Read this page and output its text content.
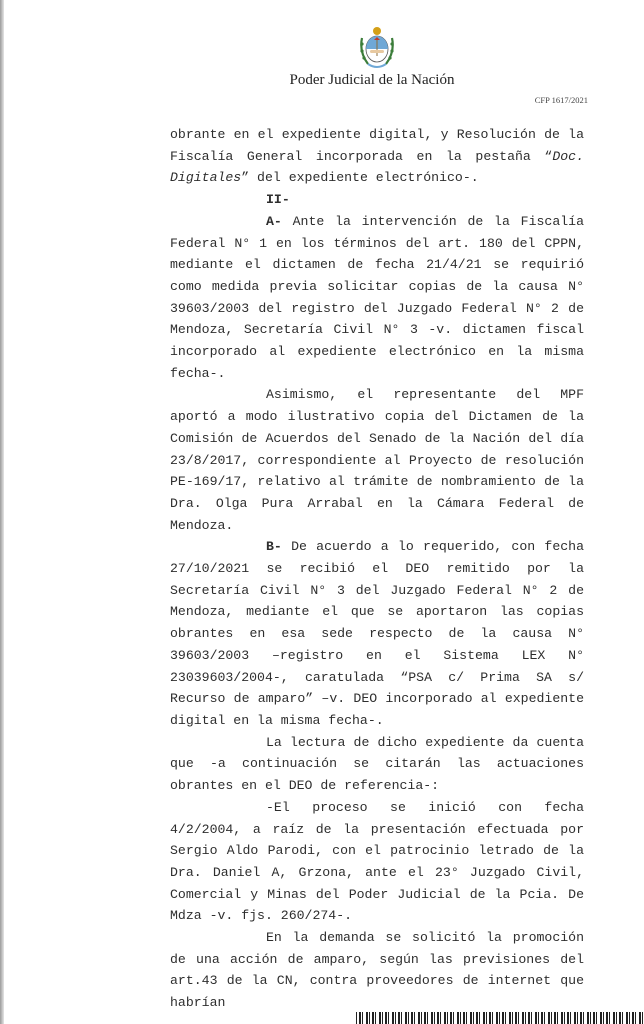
Poder Judicial de la Nación
CFP 1617/2021

obrante en el expediente digital, y Resolución de la Fiscalía General incorporada en la pestaña “Doc. Digitales” del expediente electrónico-.

II-

A- Ante la intervención de la Fiscalía Federal N° 1 en los términos del art. 180 del CPPN, mediante el dictamen de fecha 21/4/21 se requirió como medida previa solicitar copias de la causa N° 39603/2003 del registro del Juzgado Federal N° 2 de Mendoza, Secretaría Civil N° 3 -v. dictamen fiscal incorporado al expediente electrónico en la misma fecha-.

Asimismo, el representante del MPF aportó a modo ilustrativo copia del Dictamen de la Comisión de Acuerdos del Senado de la Nación del día 23/8/2017, correspondiente al Proyecto de resolución PE-169/17, relativo al trámite de nombramiento de la Dra. Olga Pura Arrabal en la Cámara Federal de Mendoza.

B- De acuerdo a lo requerido, con fecha 27/10/2021 se recibió el DEO remitido por la Secretaría Civil N° 3 del Juzgado Federal N° 2 de Mendoza, mediante el que se aportaron las copias obrantes en esa sede respecto de la causa N° 39603/2003 –registro en el Sistema LEX N° 23039603/2004-, caratulada “PSA c/ Prima SA s/ Recurso de amparo” –v. DEO incorporado al expediente digital en la misma fecha-.

La lectura de dicho expediente da cuenta que -a continuación se citarán las actuaciones obrantes en el DEO de referencia-:

-El proceso se inició con fecha 4/2/2004, a raíz de la presentación efectuada por Sergio Aldo Parodi, con el patrocinio letrado de la Dra. Daniel A, Grzona, ante el 23° Juzgado Civil, Comercial y Minas del Poder Judicial de la Pcia. De Mdza -v. fjs. 260/274-.

En la demanda se solicitó la promoción de una acción de amparo, según las previsiones del art.43 de la CN, contra proveedores de internet que habrían
